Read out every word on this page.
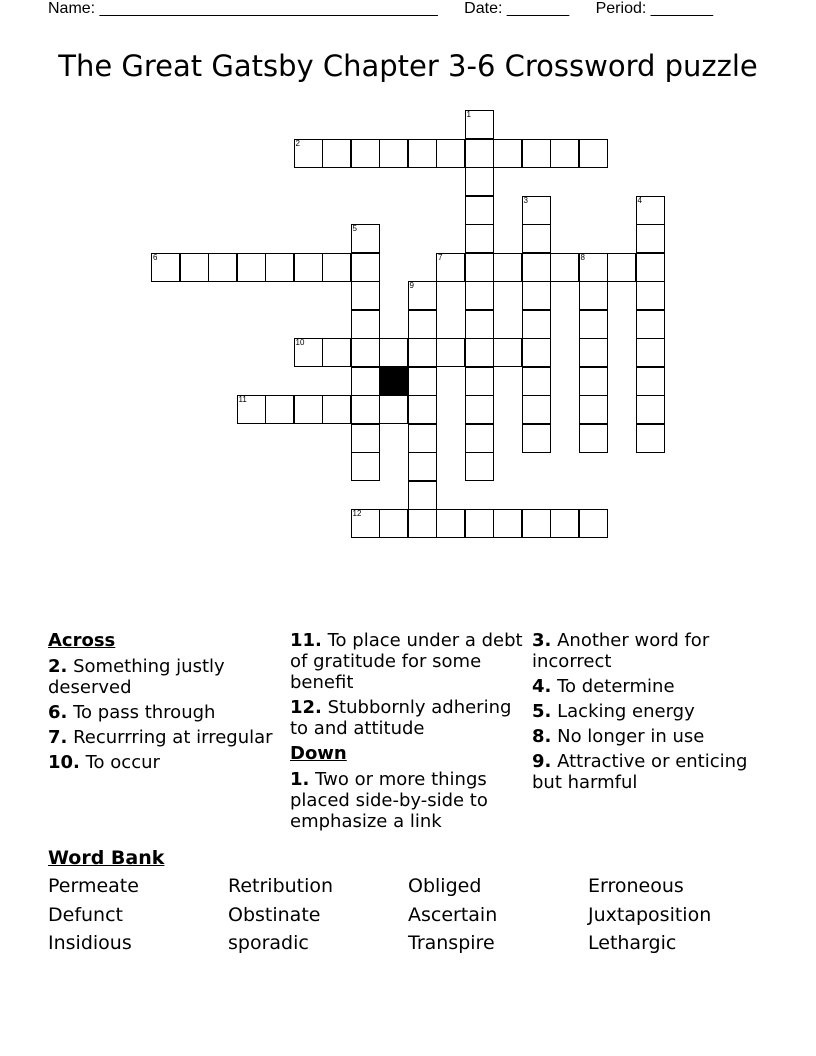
Name: ______________________________________ Date: _______ Period: _______
The Great Gatsby Chapter 3-6 Crossword puzzle
1
2
3	4
5
6	7	8
9
10
11
12
Across
2. Something justly deserved
6. To pass through
7. Recurrring at irregular
10. To occur
11. To place under a debt of gratitude for some benefit
12. Stubbornly adhering to and attitude
Down
1. Two or more things placed side-by-side to emphasize a link
3. Another word for incorrect
4. To determine
5. Lacking energy
8. No longer in use
9. Attractive or enticing but harmful
Word Bank
Permeate	Retribution	Obliged	Erroneous
Defunct	Obstinate	Ascertain	Juxtaposition
Insidious	sporadic	Transpire	Lethargic
